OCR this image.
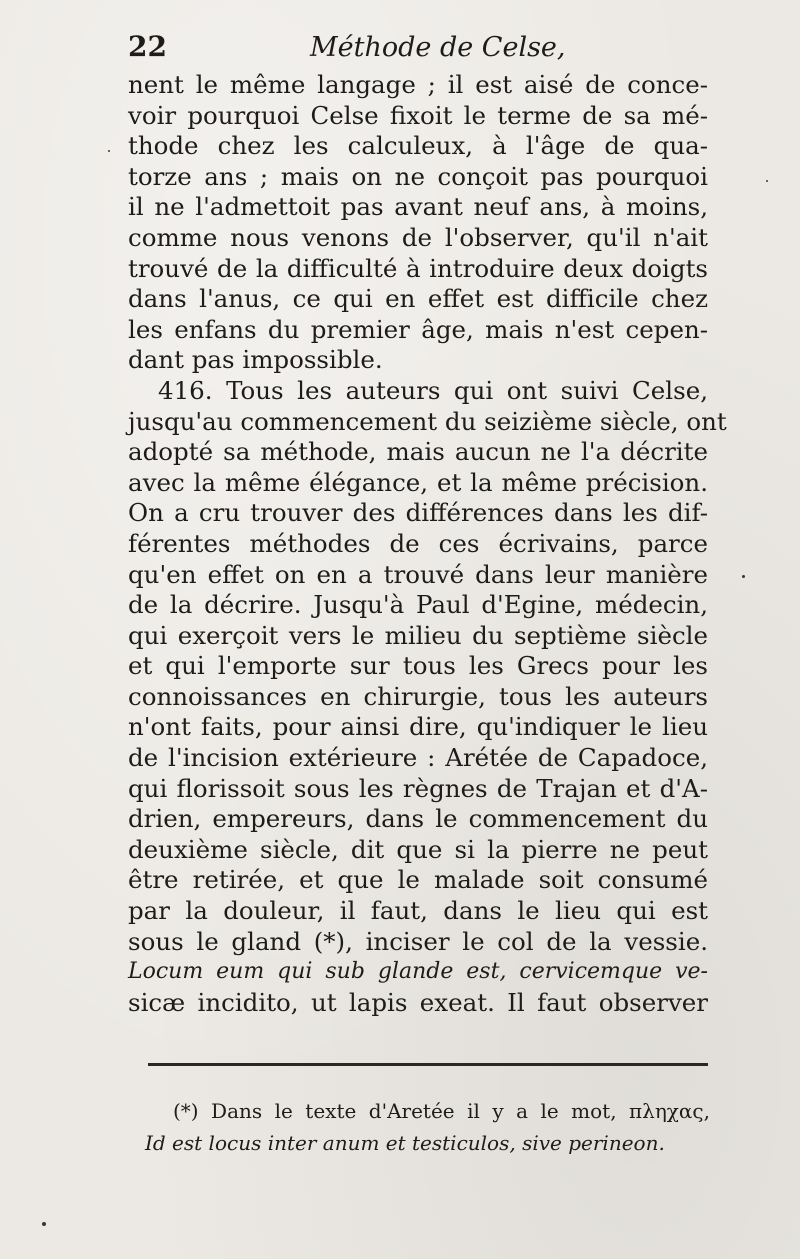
22	Méthode de Celse,
nent le même langage ; il est aisé de conce-
voir pourquoi Celse fixoit le terme de sa mé-
thode chez les calculeux, à l'âge de qua-
torze ans ; mais on ne conçoit pas pourquoi
il ne l'admettoit pas avant neuf ans, à moins,
comme nous venons de l'observer, qu'il n'ait
trouvé de la difficulté à introduire deux doigts
dans l'anus, ce qui en effet est difficile chez
les enfans du premier âge, mais n'est cepen-
dant pas impossible.
416. Tous les auteurs qui ont suivi Celse,
jusqu'au commencement du seizième siècle, ont
adopté sa méthode, mais aucun ne l'a décrite
avec la même élégance, et la même précision.
On a cru trouver des différences dans les dif-
férentes méthodes de ces écrivains, parce
qu'en effet on en a trouvé dans leur manière
de la décrire. Jusqu'à Paul d'Egine, médecin,
qui exerçoit vers le milieu du septième siècle
et qui l'emporte sur tous les Grecs pour les
connoissances en chirurgie, tous les auteurs
n'ont faits, pour ainsi dire, qu'indiquer le lieu
de l'incision extérieure : Arétée de Capadoce,
qui florissoit sous les règnes de Trajan et d'A-
drien, empereurs, dans le commencement du
deuxième siècle, dit que si la pierre ne peut
être retirée, et que le malade soit consumé
par la douleur, il faut, dans le lieu qui est
sous le gland (*), inciser le col de la vessie.
Locum eum qui sub glande est, cervicemque ve-
sicæ incidito, ut lapis exeat. Il faut observer
(*) Dans le texte d'Aretée il y a le mot, πληχας,
Id est locus inter anum et testiculos, sive perineon.
